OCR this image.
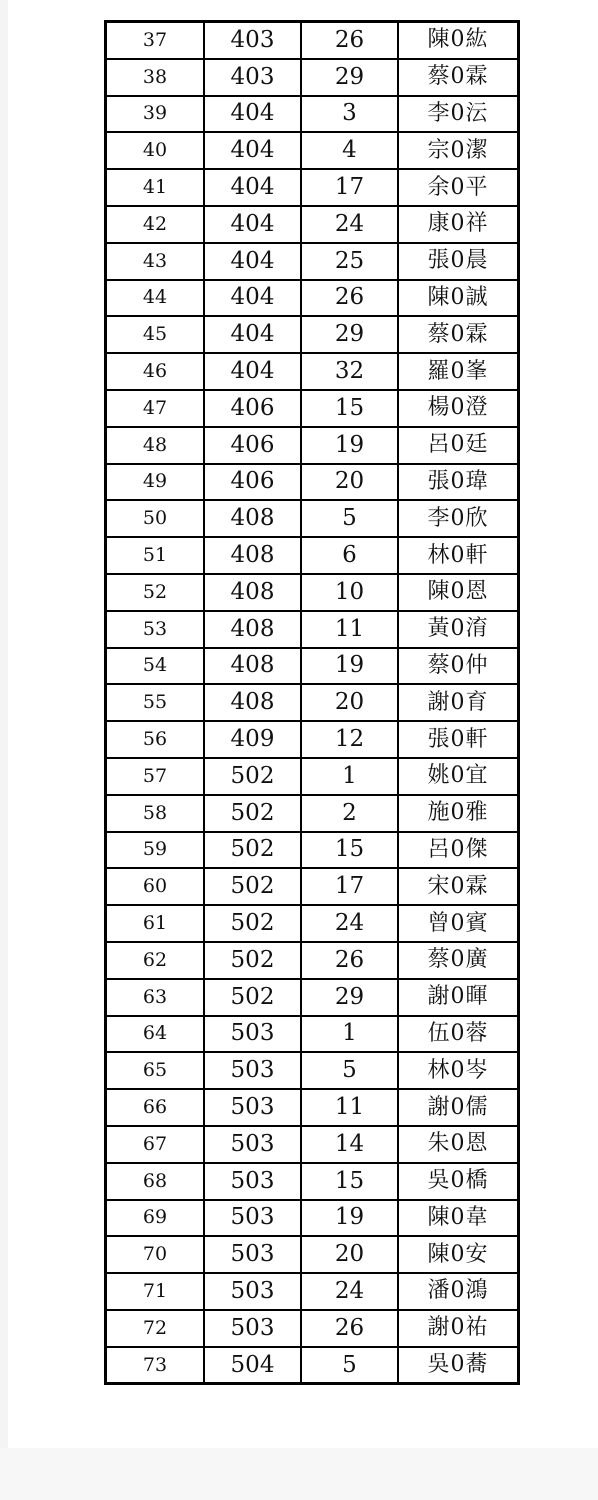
37	403	26	陳0紘
38	403	29	蔡0霖
39	404	3	李0沄
40	404	4	宗0潔
41	404	17	余0平
42	404	24	康0祥
43	404	25	張0晨
44	404	26	陳0誠
45	404	29	蔡0霖
46	404	32	羅0峯
47	406	15	楊0澄
48	406	19	呂0廷
49	406	20	張0瑋
50	408	5	李0欣
51	408	6	林0軒
52	408	10	陳0恩
53	408	11	黃0淯
54	408	19	蔡0仲
55	408	20	謝0育
56	409	12	張0軒
57	502	1	姚0宜
58	502	2	施0雅
59	502	15	呂0傑
60	502	17	宋0霖
61	502	24	曾0賓
62	502	26	蔡0廣
63	502	29	謝0暉
64	503	1	伍0蓉
65	503	5	林0岑
66	503	11	謝0儒
67	503	14	朱0恩
68	503	15	吳0橋
69	503	19	陳0韋
70	503	20	陳0安
71	503	24	潘0鴻
72	503	26	謝0祐
73	504	5	吳0蕎
